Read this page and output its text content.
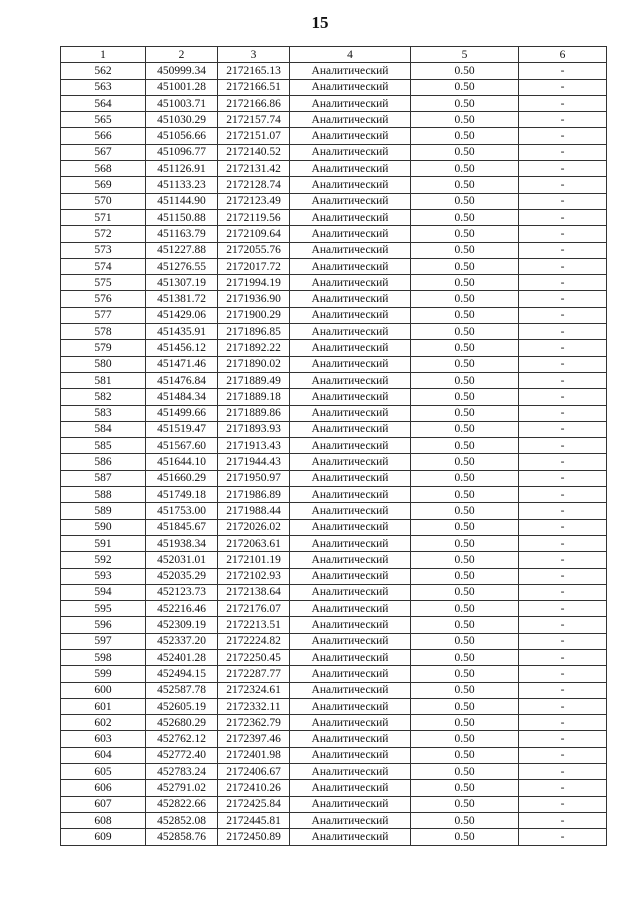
15
1	2	3	4	5	6
562	450999.34	2172165.13	Аналитический	0.50	-
563	451001.28	2172166.51	Аналитический	0.50	-
564	451003.71	2172166.86	Аналитический	0.50	-
565	451030.29	2172157.74	Аналитический	0.50	-
566	451056.66	2172151.07	Аналитический	0.50	-
567	451096.77	2172140.52	Аналитический	0.50	-
568	451126.91	2172131.42	Аналитический	0.50	-
569	451133.23	2172128.74	Аналитический	0.50	-
570	451144.90	2172123.49	Аналитический	0.50	-
571	451150.88	2172119.56	Аналитический	0.50	-
572	451163.79	2172109.64	Аналитический	0.50	-
573	451227.88	2172055.76	Аналитический	0.50	-
574	451276.55	2172017.72	Аналитический	0.50	-
575	451307.19	2171994.19	Аналитический	0.50	-
576	451381.72	2171936.90	Аналитический	0.50	-
577	451429.06	2171900.29	Аналитический	0.50	-
578	451435.91	2171896.85	Аналитический	0.50	-
579	451456.12	2171892.22	Аналитический	0.50	-
580	451471.46	2171890.02	Аналитический	0.50	-
581	451476.84	2171889.49	Аналитический	0.50	-
582	451484.34	2171889.18	Аналитический	0.50	-
583	451499.66	2171889.86	Аналитический	0.50	-
584	451519.47	2171893.93	Аналитический	0.50	-
585	451567.60	2171913.43	Аналитический	0.50	-
586	451644.10	2171944.43	Аналитический	0.50	-
587	451660.29	2171950.97	Аналитический	0.50	-
588	451749.18	2171986.89	Аналитический	0.50	-
589	451753.00	2171988.44	Аналитический	0.50	-
590	451845.67	2172026.02	Аналитический	0.50	-
591	451938.34	2172063.61	Аналитический	0.50	-
592	452031.01	2172101.19	Аналитический	0.50	-
593	452035.29	2172102.93	Аналитический	0.50	-
594	452123.73	2172138.64	Аналитический	0.50	-
595	452216.46	2172176.07	Аналитический	0.50	-
596	452309.19	2172213.51	Аналитический	0.50	-
597	452337.20	2172224.82	Аналитический	0.50	-
598	452401.28	2172250.45	Аналитический	0.50	-
599	452494.15	2172287.77	Аналитический	0.50	-
600	452587.78	2172324.61	Аналитический	0.50	-
601	452605.19	2172332.11	Аналитический	0.50	-
602	452680.29	2172362.79	Аналитический	0.50	-
603	452762.12	2172397.46	Аналитический	0.50	-
604	452772.40	2172401.98	Аналитический	0.50	-
605	452783.24	2172406.67	Аналитический	0.50	-
606	452791.02	2172410.26	Аналитический	0.50	-
607	452822.66	2172425.84	Аналитический	0.50	-
608	452852.08	2172445.81	Аналитический	0.50	-
609	452858.76	2172450.89	Аналитический	0.50	-
